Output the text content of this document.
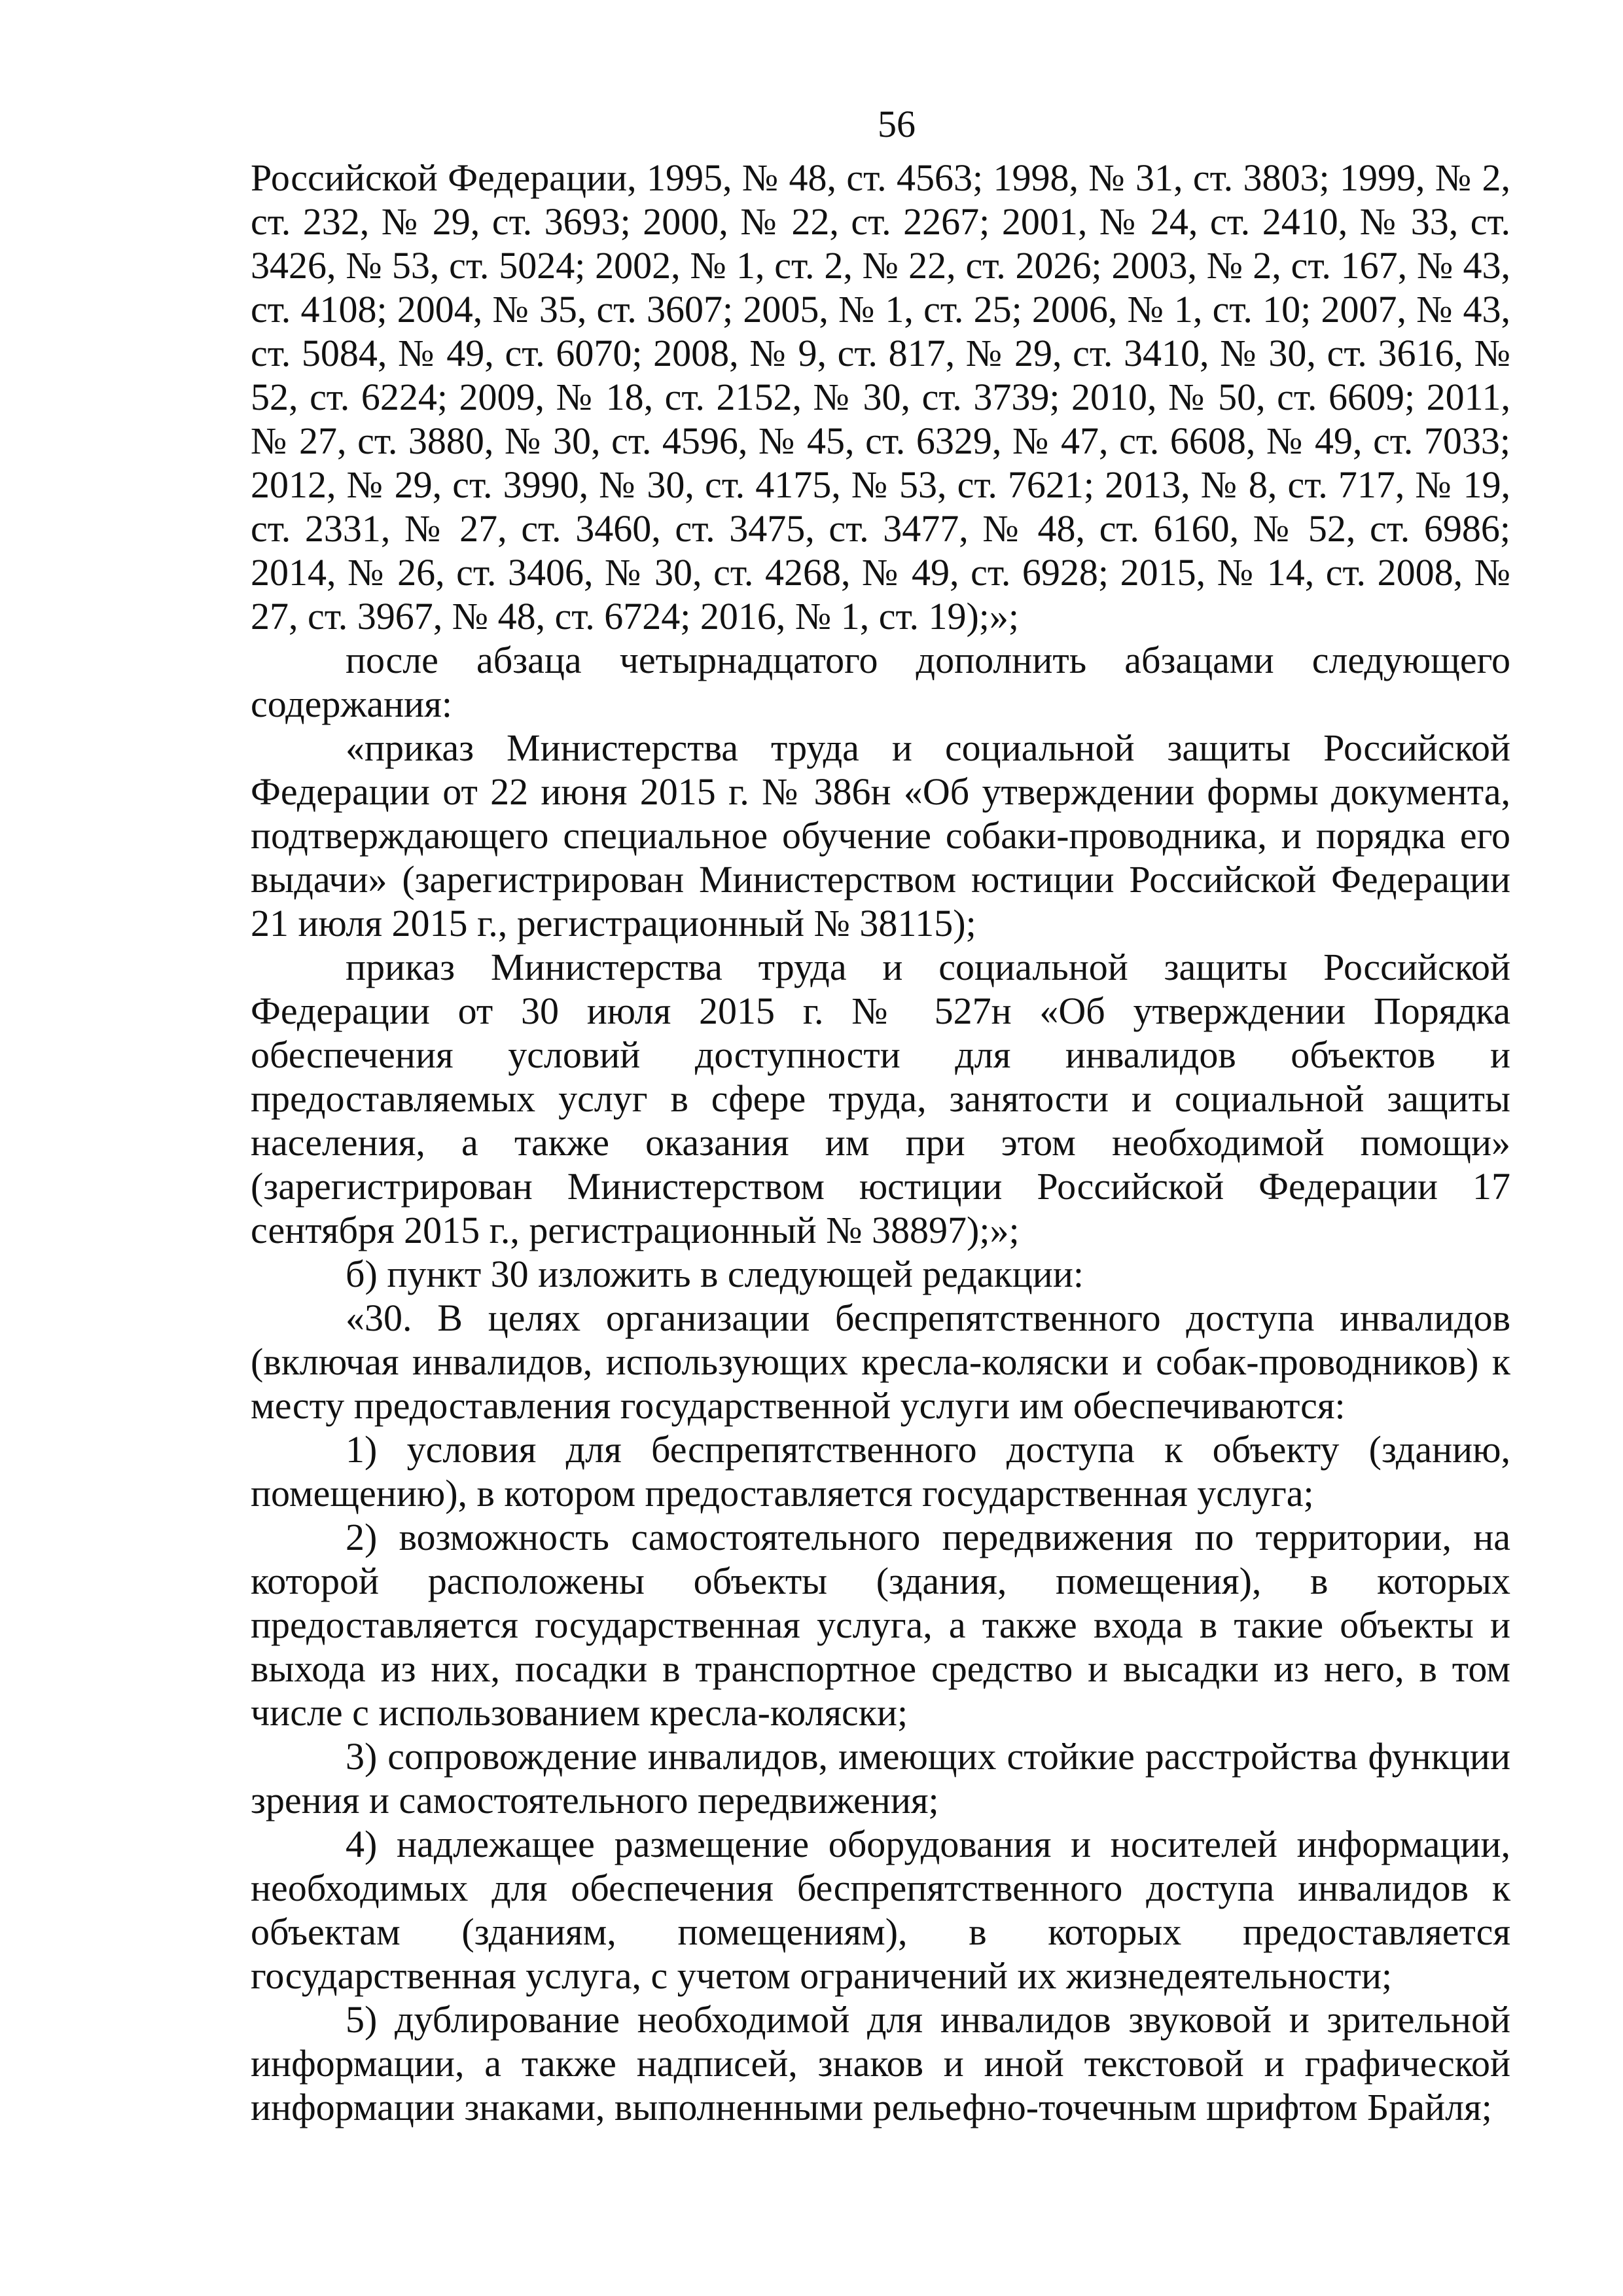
56

Российской Федерации, 1995, № 48, ст. 4563; 1998, № 31, ст. 3803; 1999, № 2, ст. 232, № 29, ст. 3693; 2000, № 22, ст. 2267; 2001, № 24, ст. 2410, № 33, ст. 3426, № 53, ст. 5024; 2002, № 1, ст. 2, № 22, ст. 2026; 2003, № 2, ст. 167, № 43, ст. 4108; 2004, № 35, ст. 3607; 2005, № 1, ст. 25; 2006, № 1, ст. 10; 2007, № 43, ст. 5084, № 49, ст. 6070; 2008, № 9, ст. 817, № 29, ст. 3410, № 30, ст. 3616, № 52, ст. 6224; 2009, № 18, ст. 2152, № 30, ст. 3739; 2010, № 50, ст. 6609; 2011, № 27, ст. 3880, № 30, ст. 4596, № 45, ст. 6329, № 47, ст. 6608, № 49, ст. 7033; 2012, № 29, ст. 3990, № 30, ст. 4175, № 53, ст. 7621; 2013, № 8, ст. 717, № 19, ст. 2331, № 27, ст. 3460, ст. 3475, ст. 3477, № 48, ст. 6160, № 52, ст. 6986; 2014, № 26, ст. 3406, № 30, ст. 4268, № 49, ст. 6928; 2015, № 14, ст. 2008, № 27, ст. 3967, № 48, ст. 6724; 2016, № 1, ст. 19);»;

после абзаца четырнадцатого дополнить абзацами следующего содержания:

«приказ Министерства труда и социальной защиты Российской Федерации от 22 июня 2015 г. № 386н «Об утверждении формы документа, подтверждающего специальное обучение собаки-проводника, и порядка его выдачи» (зарегистрирован Министерством юстиции Российской Федерации 21 июля 2015 г., регистрационный № 38115);

приказ Министерства труда и социальной защиты Российской Федерации от 30 июля 2015 г. № 527н «Об утверждении Порядка обеспечения условий доступности для инвалидов объектов и предоставляемых услуг в сфере труда, занятости и социальной защиты населения, а также оказания им при этом необходимой помощи» (зарегистрирован Министерством юстиции Российской Федерации 17 сентября 2015 г., регистрационный № 38897);»;

б) пункт 30 изложить в следующей редакции:

«30. В целях организации беспрепятственного доступа инвалидов (включая инвалидов, использующих кресла-коляски и собак-проводников) к месту предоставления государственной услуги им обеспечиваются:

1) условия для беспрепятственного доступа к объекту (зданию, помещению), в котором предоставляется государственная услуга;

2) возможность самостоятельного передвижения по территории, на которой расположены объекты (здания, помещения), в которых предоставляется государственная услуга, а также входа в такие объекты и выхода из них, посадки в транспортное средство и высадки из него, в том числе с использованием кресла-коляски;

3) сопровождение инвалидов, имеющих стойкие расстройства функции зрения и самостоятельного передвижения;

4) надлежащее размещение оборудования и носителей информации, необходимых для обеспечения беспрепятственного доступа инвалидов к объектам (зданиям, помещениям), в которых предоставляется государственная услуга, с учетом ограничений их жизнедеятельности;

5) дублирование необходимой для инвалидов звуковой и зрительной информации, а также надписей, знаков и иной текстовой и графической информации знаками, выполненными рельефно-точечным шрифтом Брайля;
